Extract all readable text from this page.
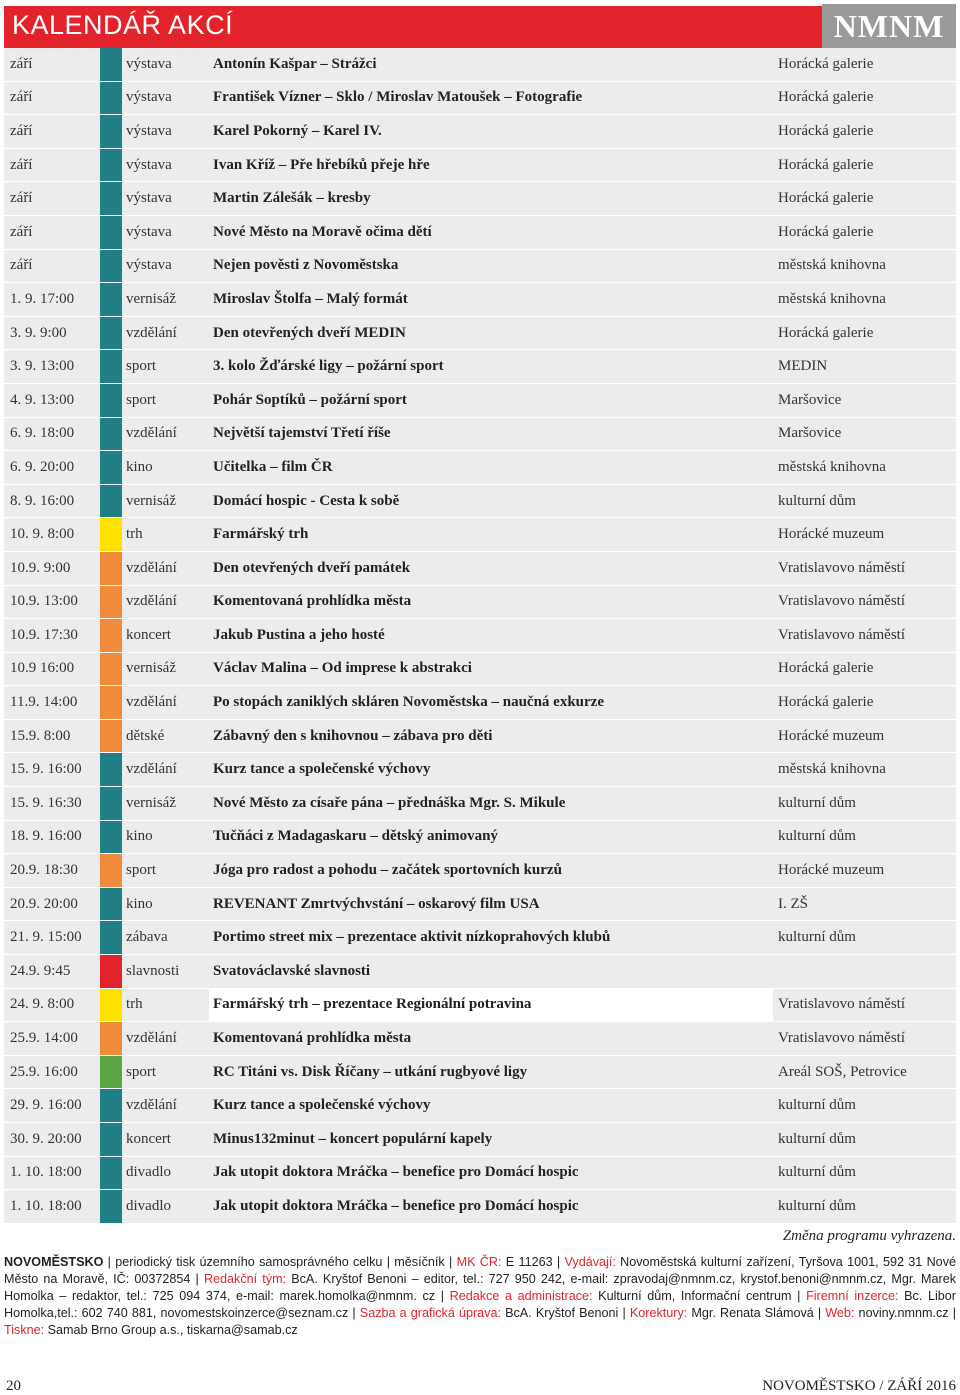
KALENDÁŘ AKCÍ	NMNM
září	výstava	Antonín Kašpar – Strážci	Horácká galerie
září	výstava	František Vízner – Sklo / Miroslav Matoušek – Fotografie	Horácká galerie
září	výstava	Karel Pokorný – Karel IV.	Horácká galerie
září	výstava	Ivan Kříž – Pře hřebíků přeje hře	Horácká galerie
září	výstava	Martin Zálešák – kresby	Horácká galerie
září	výstava	Nové Město na Moravě očima dětí	Horácká galerie
září	výstava	Nejen pověsti z Novoměstska	městská knihovna
1. 9. 17:00	vernisáž	Miroslav Štolfa – Malý formát	městská knihovna
3. 9. 9:00	vzdělání	Den otevřených dveří MEDIN	Horácká galerie
3. 9. 13:00	sport	3. kolo Žďárské ligy – požární sport	MEDIN
4. 9. 13:00	sport	Pohár Soptíků – požární sport	Maršovice
6. 9. 18:00	vzdělání	Největší tajemství Třetí říše	Maršovice
6. 9. 20:00	kino	Učitelka – film ČR	městská knihovna
8. 9. 16:00	vernisáž	Domácí hospic - Cesta k sobě	kulturní dům
10. 9. 8:00	trh	Farmářský trh	Horácké muzeum
10.9. 9:00	vzdělání	Den otevřených dveří památek	Vratislavovo náměstí
10.9. 13:00	vzdělání	Komentovaná prohlídka města	Vratislavovo náměstí
10.9. 17:30	koncert	Jakub Pustina a jeho hosté	Vratislavovo náměstí
10.9 16:00	vernisáž	Václav Malina – Od imprese k abstrakci	Horácká galerie
11.9. 14:00	vzdělání	Po stopách zaniklých skláren Novoměstska – naučná exkurze	Horácká galerie
15.9. 8:00	dětské	Zábavný den s knihovnou – zábava pro děti	Horácké muzeum
15. 9. 16:00	vzdělání	Kurz tance a společenské výchovy	městská knihovna
15. 9. 16:30	vernisáž	Nové Město za císaře pána – přednáška Mgr. S. Mikule	kulturní dům
18. 9. 16:00	kino	Tučňáci z Madagaskaru – dětský animovaný	kulturní dům
20.9. 18:30	sport	Jóga pro radost a pohodu – začátek sportovních kurzů	Horácké muzeum
20.9. 20:00	kino	REVENANT Zmrtvýchvstání – oskarový film USA	I. ZŠ
21. 9. 15:00	zábava	Portimo street mix – prezentace aktivit nízkoprahových klubů	kulturní dům
24.9. 9:45	slavnosti	Svatováclavské slavnosti
24. 9. 8:00	trh	Farmářský trh – prezentace Regionální potravina	Vratislavovo náměstí
25.9. 14:00	vzdělání	Komentovaná prohlídka města	Vratislavovo náměstí
25.9. 16:00	sport	RC Titáni vs. Disk Říčany – utkání rugbyové ligy	Areál SOŠ, Petrovice
29. 9. 16:00	vzdělání	Kurz tance a společenské výchovy	kulturní dům
30. 9. 20:00	koncert	Minus132minut – koncert populární kapely	kulturní dům
1. 10. 18:00	divadlo	Jak utopit doktora Mráčka – benefice pro Domácí hospic	kulturní dům
1. 10. 18:00	divadlo	Jak utopit doktora Mráčka – benefice pro Domácí hospic	kulturní dům
Změna programu vyhrazena.
NOVOMĚSTSKO | periodický tisk územního samosprávného celku | měsíčník | MK ČR: E 11263 | Vydávají: Novoměstská kulturní zařízení, Tyršova 1001, 592 31 Nové Město na Moravě, IČ: 00372854 | Redakční tým: BcA. Kryštof Benoni – editor, tel.: 727 950 242, e-mail: zpravodaj@nmnm.cz, krystof.benoni@nmnm.cz, Mgr. Marek Homolka – redaktor, tel.: 725 094 374, e-mail: marek.homolka@nmnm. cz | Redakce a administrace: Kulturní dům, Informační centrum | Firemní inzerce: Bc. Libor Homolka,tel.: 602 740 881, novomestskoinzerce@seznam.cz | Sazba a grafická úprava: BcA. Kryštof Benoni | Korektury: Mgr. Renata Slámová | Web: noviny.nmnm.cz | Tiskne: Samab Brno Group a.s., tiskarna@samab.cz
20	NOVOMĚSTSKO / ZÁŘÍ 2016
